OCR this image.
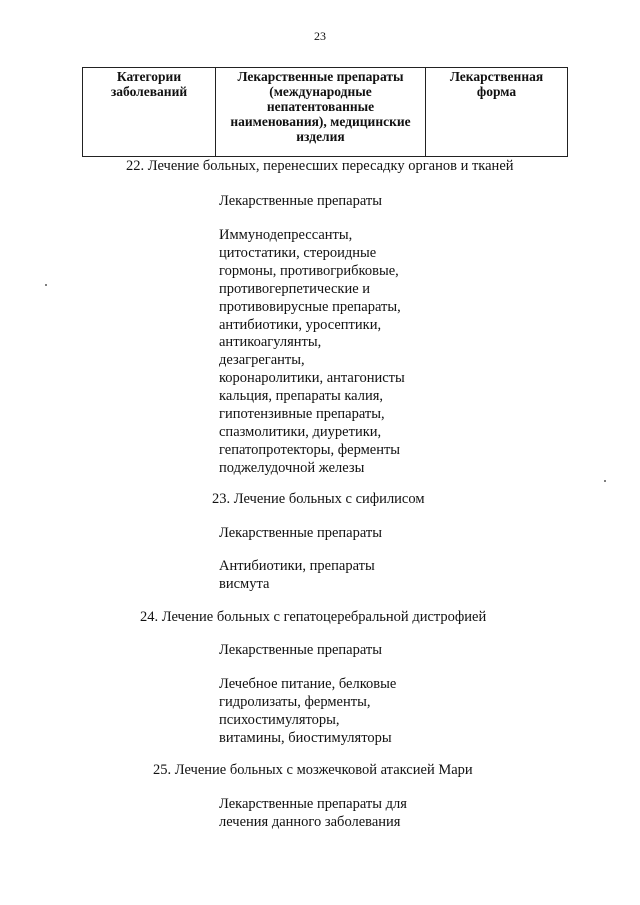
23
Категории заболеваний	Лекарственные препараты (международные непатентованные наименования), медицинские изделия	Лекарственная форма
22. Лечение больных, перенесших пересадку органов и тканей
Лекарственные препараты
Иммунодепрессанты,
цитостатики, стероидные
гормоны, противогрибковые,
противогерпетические и
противовирусные препараты,
антибиотики, уросептики,
антикоагулянты,
дезагреганты,
коронаролитики, антагонисты
кальция, препараты калия,
гипотензивные препараты,
спазмолитики, диуретики,
гепатопротекторы, ферменты
поджелудочной железы
23. Лечение больных с сифилисом
Лекарственные препараты
Антибиотики, препараты
висмута
24. Лечение больных с гепатоцеребральной дистрофией
Лекарственные препараты
Лечебное питание, белковые
гидролизаты, ферменты,
психостимуляторы,
витамины, биостимуляторы
25. Лечение больных с мозжечковой атаксией Мари
Лекарственные препараты для
лечения данного заболевания
